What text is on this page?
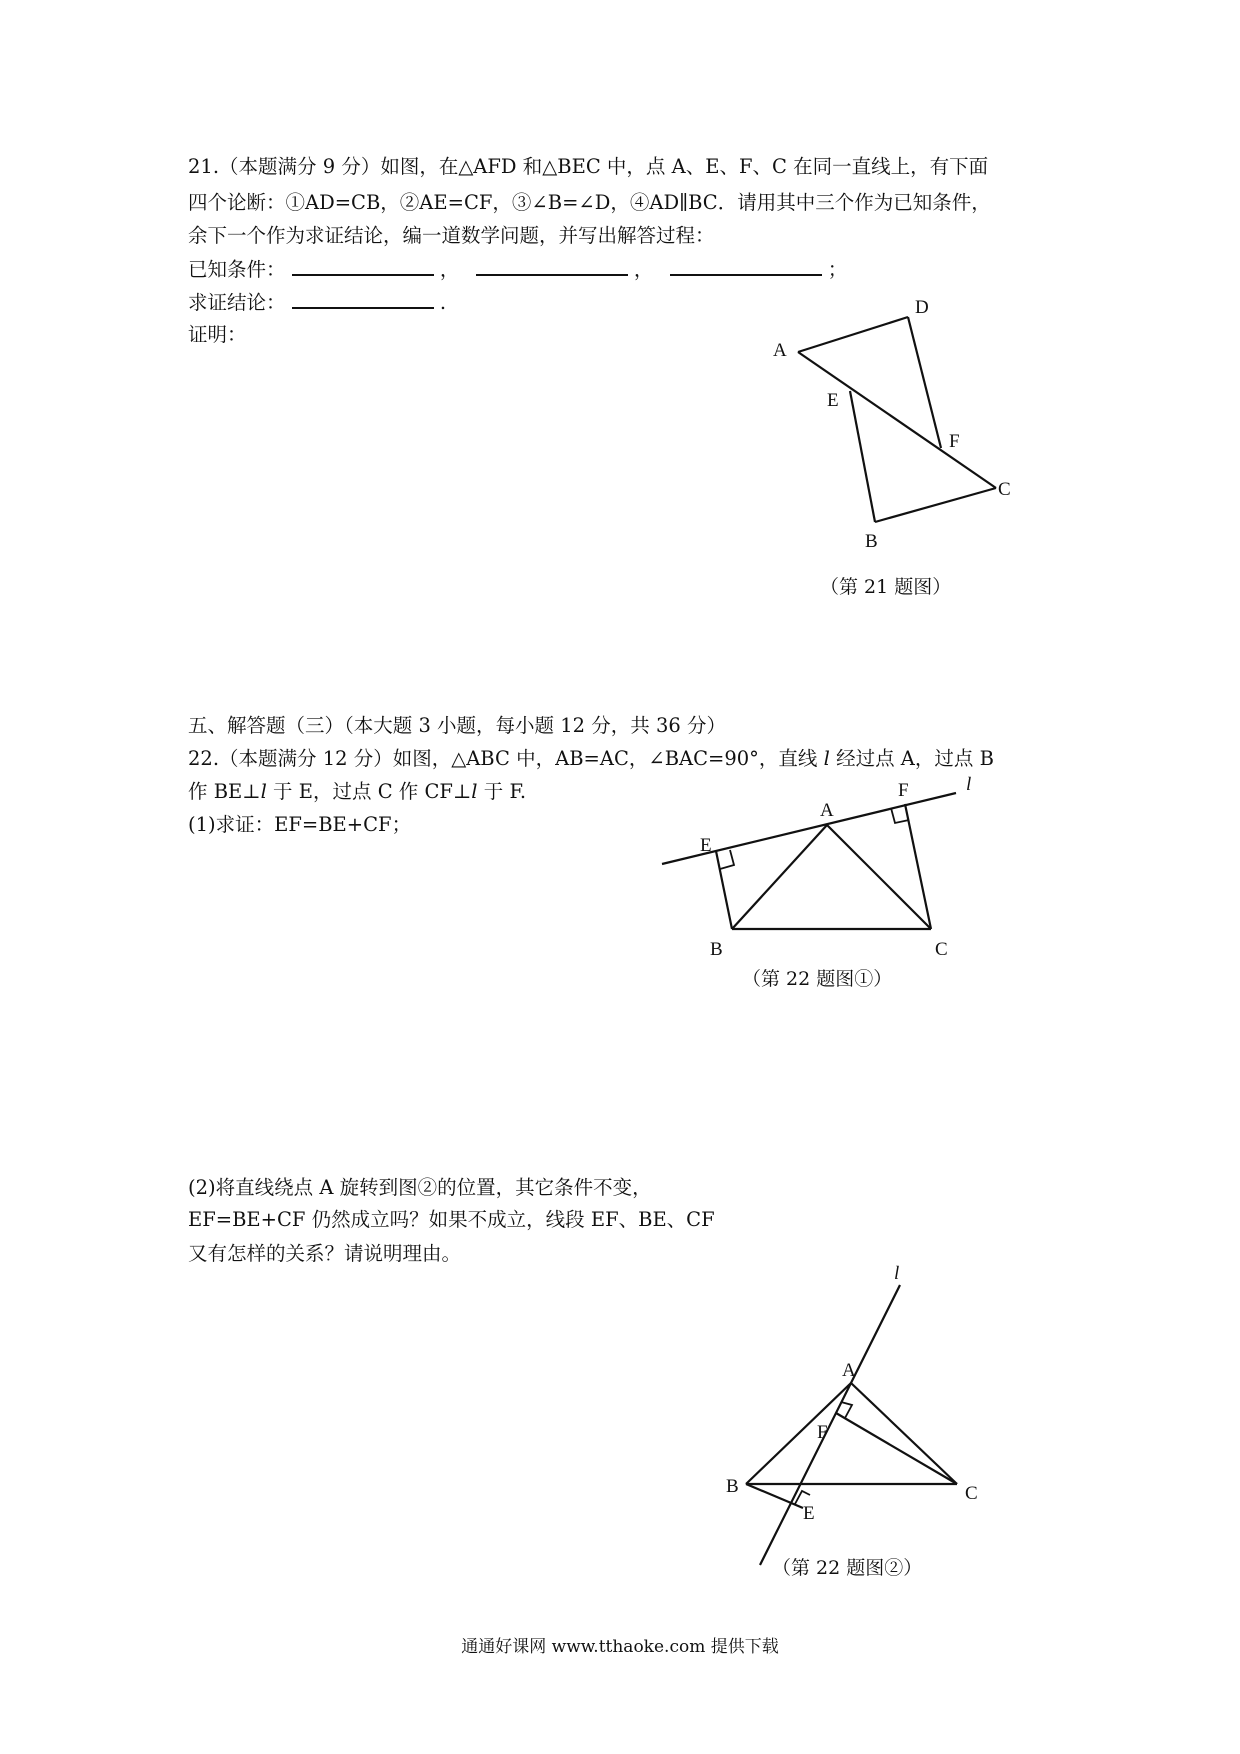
21.（本题满分 9 分）如图，在△AFD 和△BEC 中，点 A、E、F、C 在同一直线上，有下面
四个论断：①AD=CB，②AE=CF，③∠B=∠D，④AD∥BC．请用其中三个作为已知条件，
余下一个作为求证结论，编一道数学问题，并写出解答过程：
已知条件：	，	，	；
求证结论：	.
证明：
A
D
E
F
C
B
（第 21 题图）
五、解答题（三）（本大题 3 小题，每小题 12 分，共 36 分）
22.（本题满分 12 分）如图，△ABC 中，AB=AC，∠BAC=90°，直线 l 经过点 A，过点 B
作 BE⊥l 于 E，过点 C 作 CF⊥l 于 F.
(1)求证：EF=BE+CF；
l
A
F
E
B	C
（第 22 题图①）
(2)将直线绕点 A 旋转到图②的位置，其它条件不变，
EF=BE+CF 仍然成立吗？如果不成立，线段 EF、BE、CF
又有怎样的关系？请说明理由。
l
A
F
B	C
E
（第 22 题图②）
通通好课网 www.tthaoke.com 提供下载
